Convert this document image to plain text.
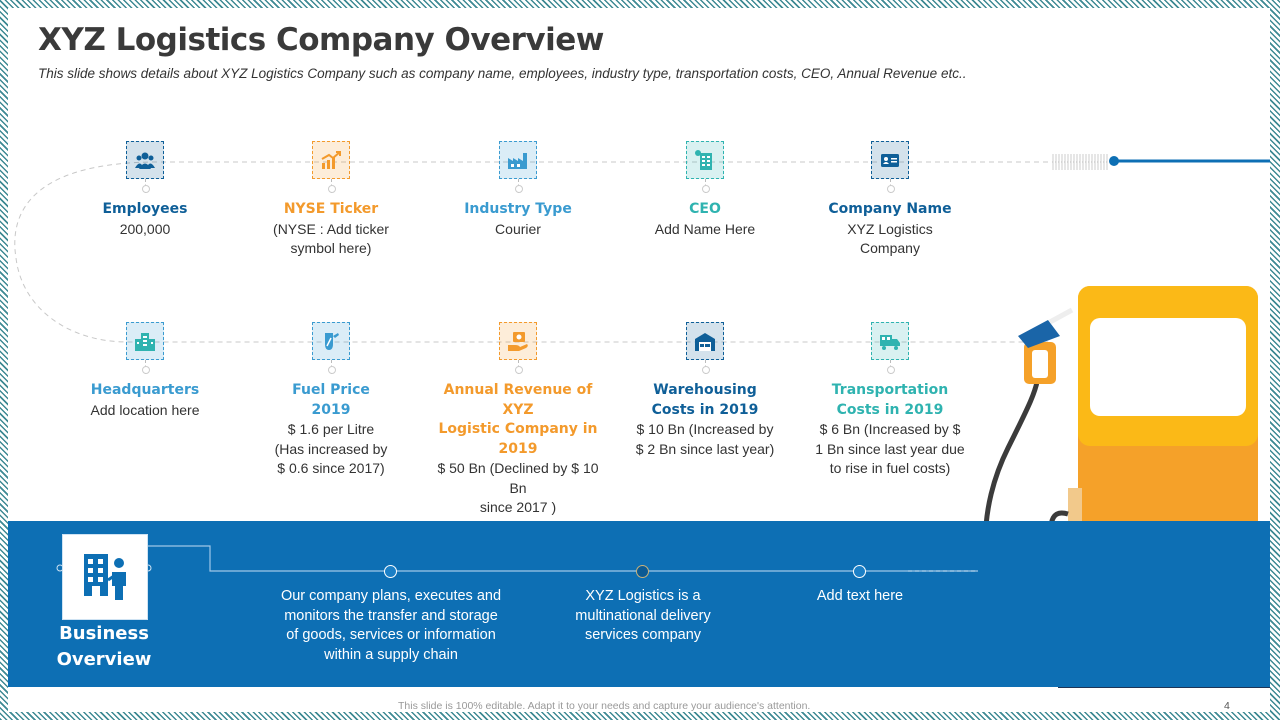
XYZ Logistics Company Overview
This slide shows details about XYZ Logistics Company such as company name, employees, industry type, transportation costs, CEO, Annual Revenue etc..
Employees
200,000
NYSE Ticker
(NYSE : Add ticker
symbol here)
Industry Type
Courier
CEO
Add Name Here
Company Name
XYZ Logistics
Company
Headquarters
Add location here
Fuel Price
2019
$ 1.6 per Litre
(Has increased by
$ 0.6 since 2017)
Annual Revenue of XYZ
Logistic Company in 2019
$ 50 Bn (Declined by $ 10 Bn
since 2017 )
Warehousing
Costs in 2019
$ 10 Bn (Increased by
$ 2 Bn since last year)
Transportation
Costs in 2019
$ 6 Bn (Increased by $
1 Bn since last year due
to rise in fuel costs)
Business
Overview
Our company plans, executes and
monitors the transfer and storage
of goods, services or information
within a supply chain
XYZ Logistics is a
multinational delivery
services company
Add text here
This slide is 100% editable. Adapt it to your needs and capture your audience's attention.	4
